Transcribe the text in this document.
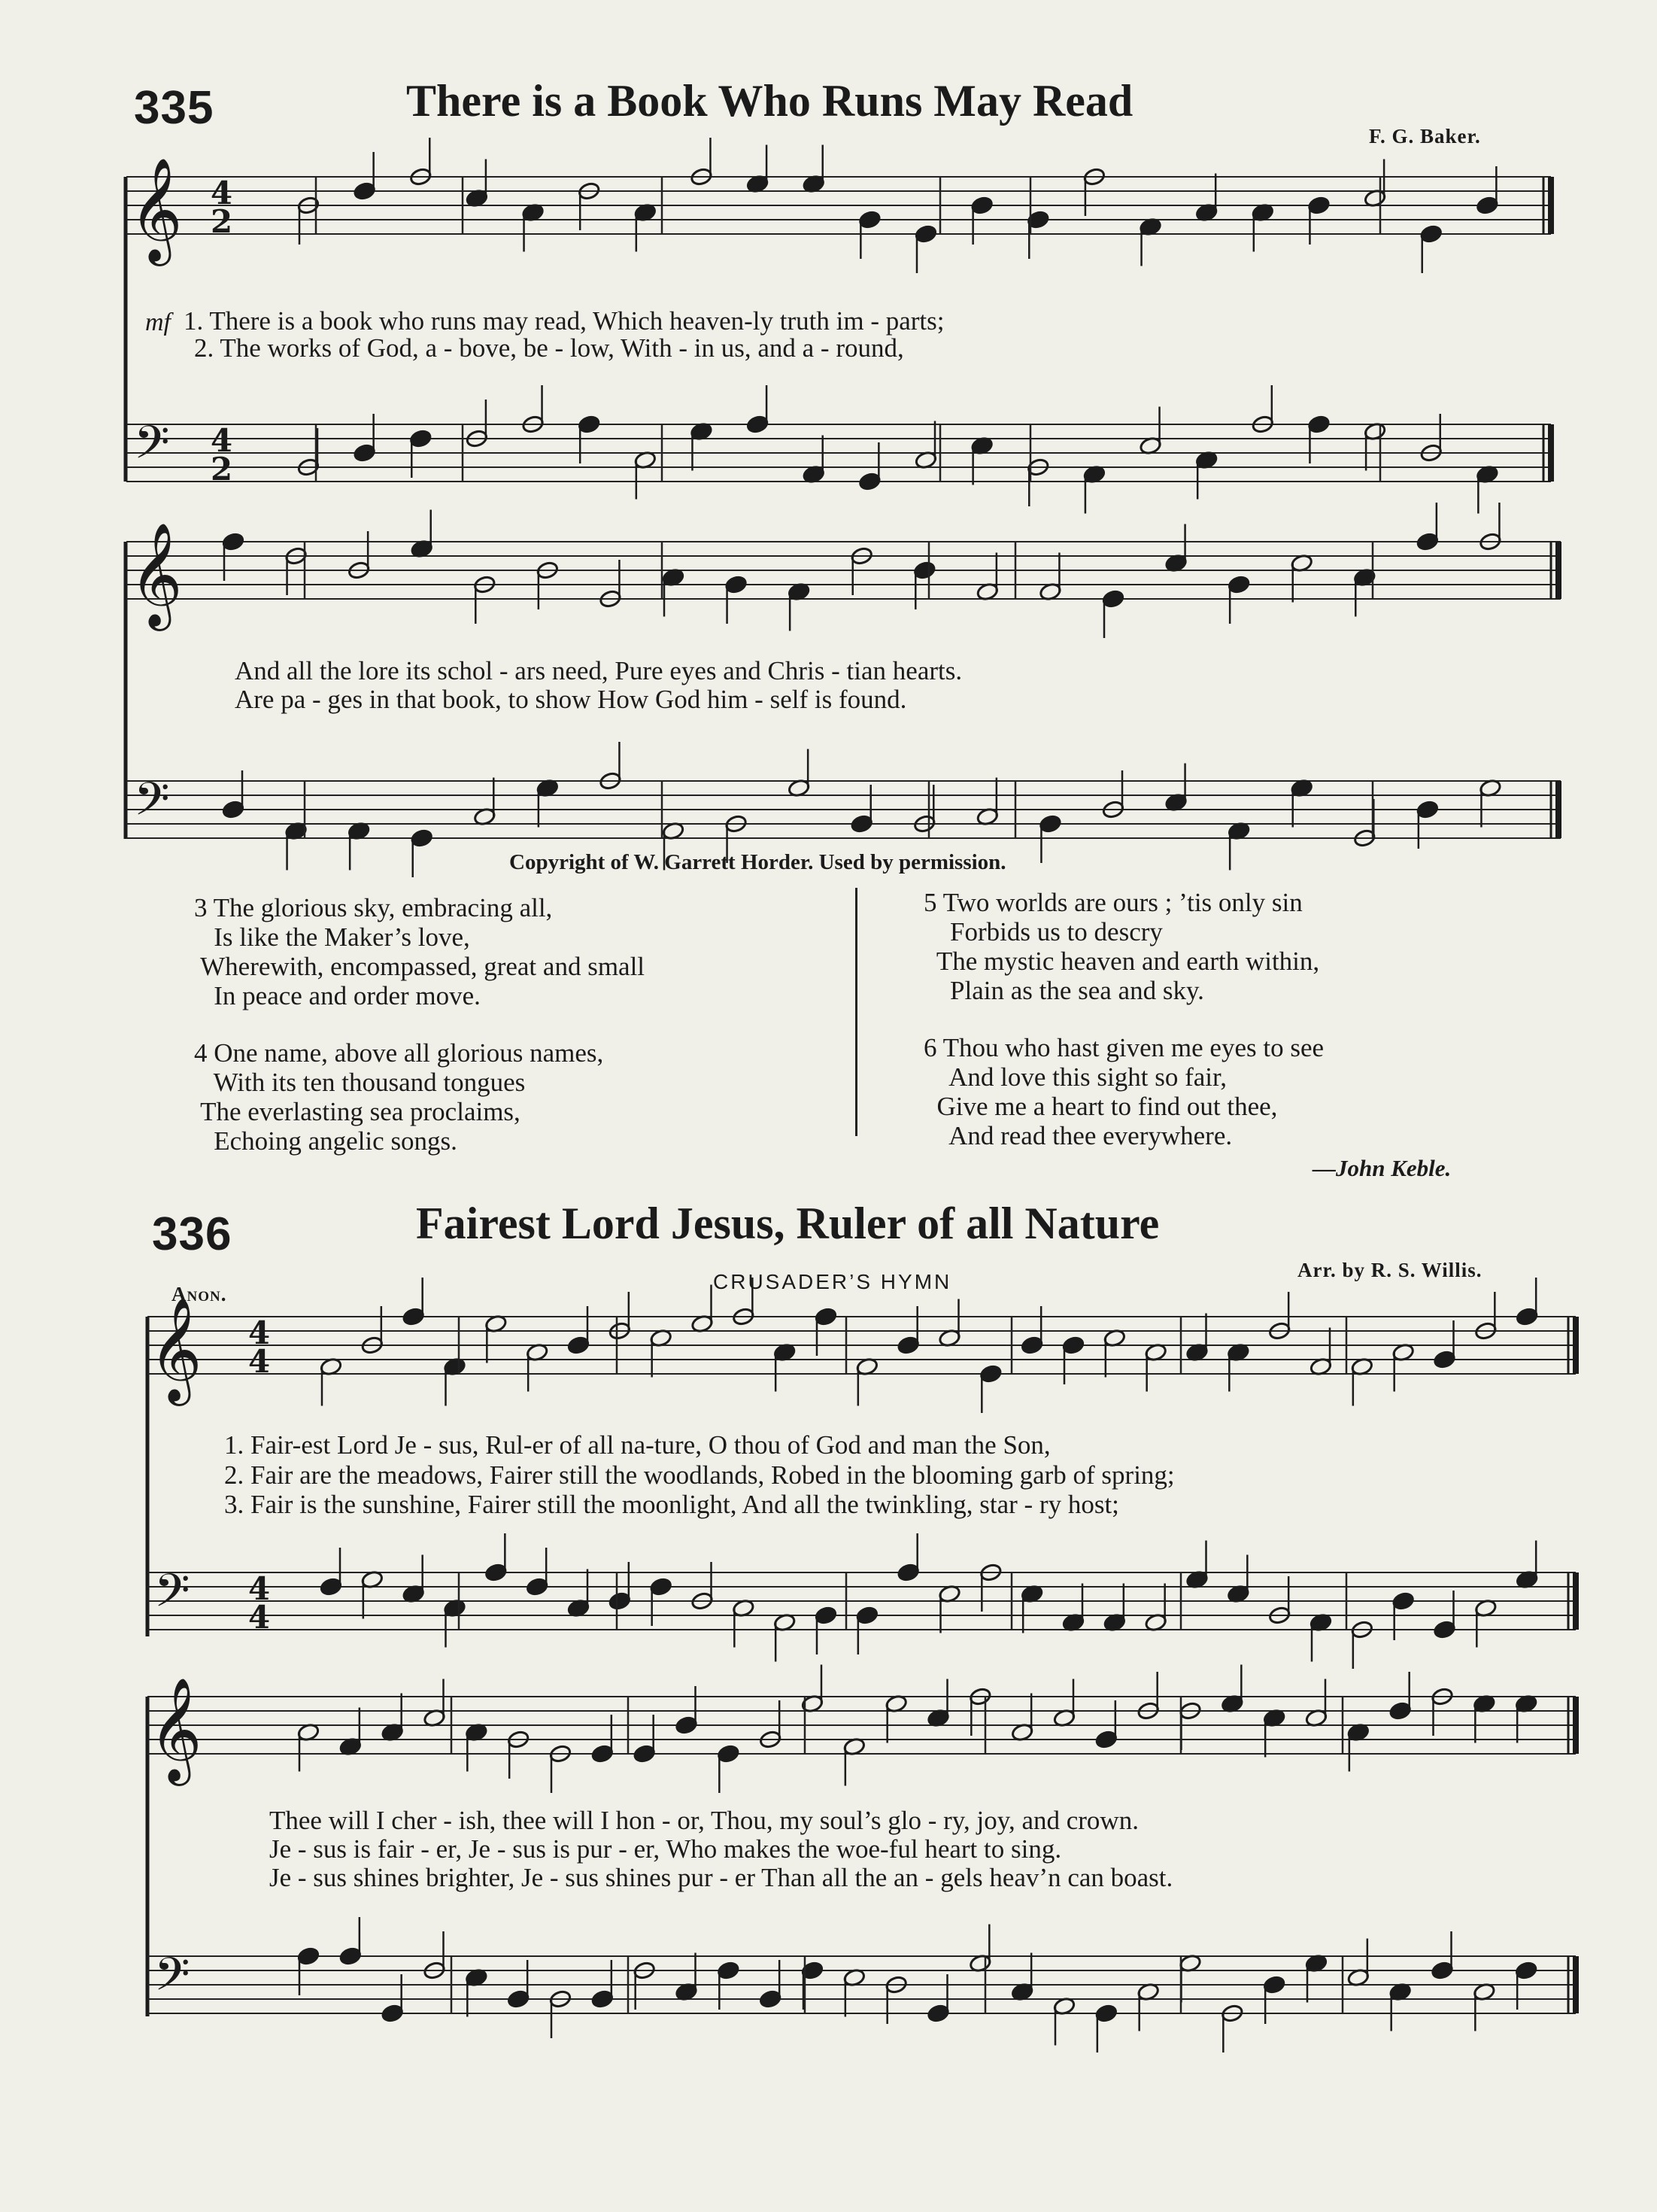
335	There is a Book Who Runs May Read
F. G. Baker.
𝄞 4
2
𝄢 4
2
𝄞
𝄢
𝄞 4
4
𝄢 4
4
𝄞
𝄢
mf 1. There is a book who runs may read, Which heaven-ly truth im - parts;
2. The works of God, a - bove, be - low, With - in us, and a - round,
And all the lore its schol - ars need, Pure eyes and Chris - tian hearts.
Are pa - ges in that book, to show How God him - self is found.
Copyright of W. Garrett Horder. Used by permission.
3 The glorious sky, embracing all,
Is like the Maker’s love,
Wherewith, encompassed, great and small
In peace and order move.
4 One name, above all glorious names,
With its ten thousand tongues
The everlasting sea proclaims,
Echoing angelic songs.
5 Two worlds are ours ; ’tis only sin
Forbids us to descry
The mystic heaven and earth within,
Plain as the sea and sky.
6 Thou who hast given me eyes to see
And love this sight so fair,
Give me a heart to find out thee,
And read thee everywhere.
—John Keble.
336	Fairest Lord Jesus, Ruler of all Nature
Anon.
CRUSADER’S HYMN	Arr. by R. S. Willis.
1. Fair-est Lord Je - sus, Rul-er of all na-ture, O thou of God and man the Son,
2. Fair are the meadows, Fairer still the woodlands, Robed in the blooming garb of spring;
3. Fair is the sunshine, Fairer still the moonlight, And all the twinkling, star - ry host;
Thee will I cher - ish, thee will I hon - or, Thou, my soul’s glo - ry, joy, and crown.
Je - sus is fair - er, Je - sus is pur - er, Who makes the woe-ful heart to sing.
Je - sus shines brighter, Je - sus shines pur - er Than all the an - gels heav’n can boast.
